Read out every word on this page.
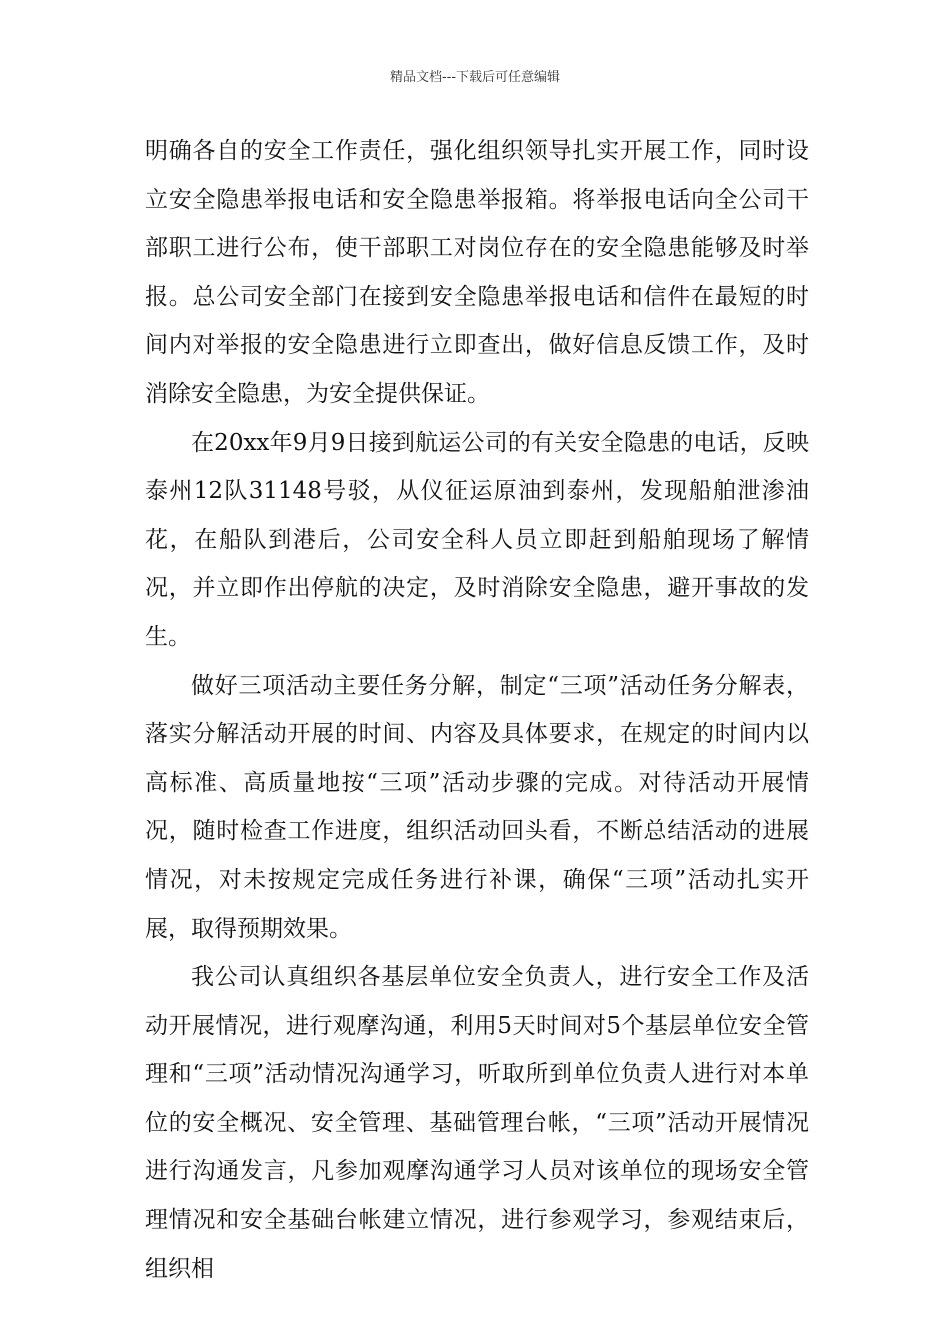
精品文档---下载后可任意编辑

明确各自的安全工作责任，强化组织领导扎实开展工作，同时设立安全隐患举报电话和安全隐患举报箱。将举报电话向全公司干部职工进行公布，使干部职工对岗位存在的安全隐患能够及时举报。总公司安全部门在接到安全隐患举报电话和信件在最短的时间内对举报的安全隐患进行立即查出，做好信息反馈工作，及时消除安全隐患，为安全提供保证。

在20xx年9月9日接到航运公司的有关安全隐患的电话，反映泰州12队31148号驳，从仪征运原油到泰州，发现船舶泄渗油花，在船队到港后，公司安全科人员立即赶到船舶现场了解情况，并立即作出停航的决定，及时消除安全隐患，避开事故的发生。

做好三项活动主要任务分解，制定“三项”活动任务分解表，落实分解活动开展的时间、内容及具体要求，在规定的时间内以高标准、高质量地按“三项”活动步骤的完成。对待活动开展情况，随时检查工作进度，组织活动回头看，不断总结活动的进展情况，对未按规定完成任务进行补课，确保“三项”活动扎实开展，取得预期效果。

我公司认真组织各基层单位安全负责人，进行安全工作及活动开展情况，进行观摩沟通，利用5天时间对5个基层单位安全管理和“三项”活动情况沟通学习，听取所到单位负责人进行对本单位的安全概况、安全管理、基础管理台帐，“三项”活动开展情况进行沟通发言，凡参加观摩沟通学习人员对该单位的现场安全管理情况和安全基础台帐建立情况，进行参观学习，参观结束后，组织相
